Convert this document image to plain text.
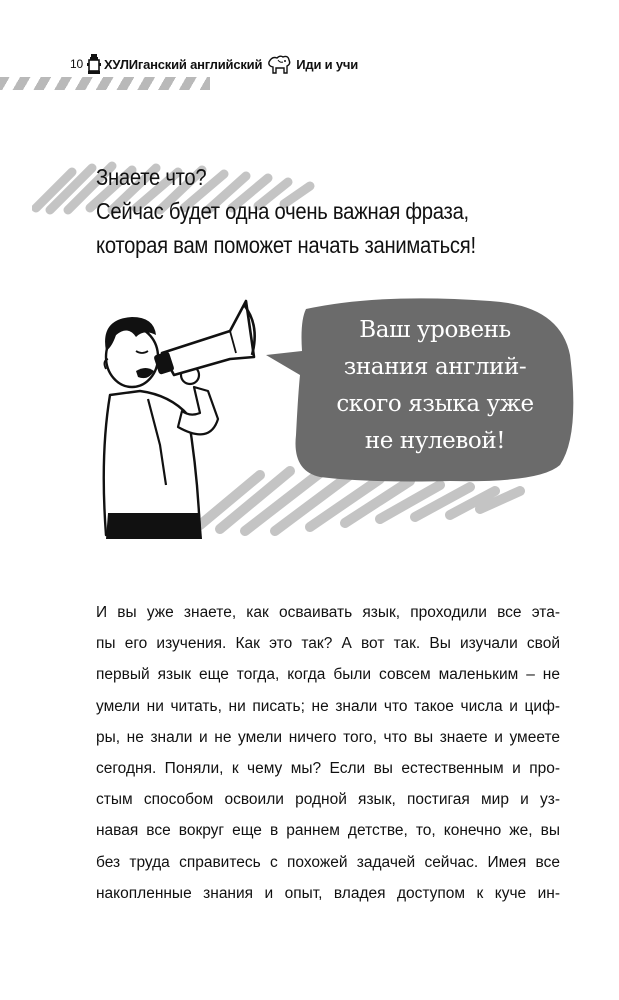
10 ХУЛИганский английский	Иди и учи
Знаете что?
Сейчас будет одна очень важная фраза,
которая вам поможет начать заниматься!
Ваш уровень
знания англий-
ского языка уже
не нулевой!
И вы уже знаете, как осваивать язык, проходили все эта-
пы его изучения. Как это так? А вот так. Вы изучали свой
первый язык еще тогда, когда были совсем маленьким – не
умели ни читать, ни писать; не знали что такое числа и циф-
ры, не знали и не умели ничего того, что вы знаете и умеете
сегодня. Поняли, к чему мы? Если вы естественным и про-
стым способом освоили родной язык, постигая мир и уз-
навая все вокруг еще в раннем детстве, то, конечно же, вы
без труда справитесь с похожей задачей сейчас. Имея все
накопленные знания и опыт, владея доступом к куче ин-
